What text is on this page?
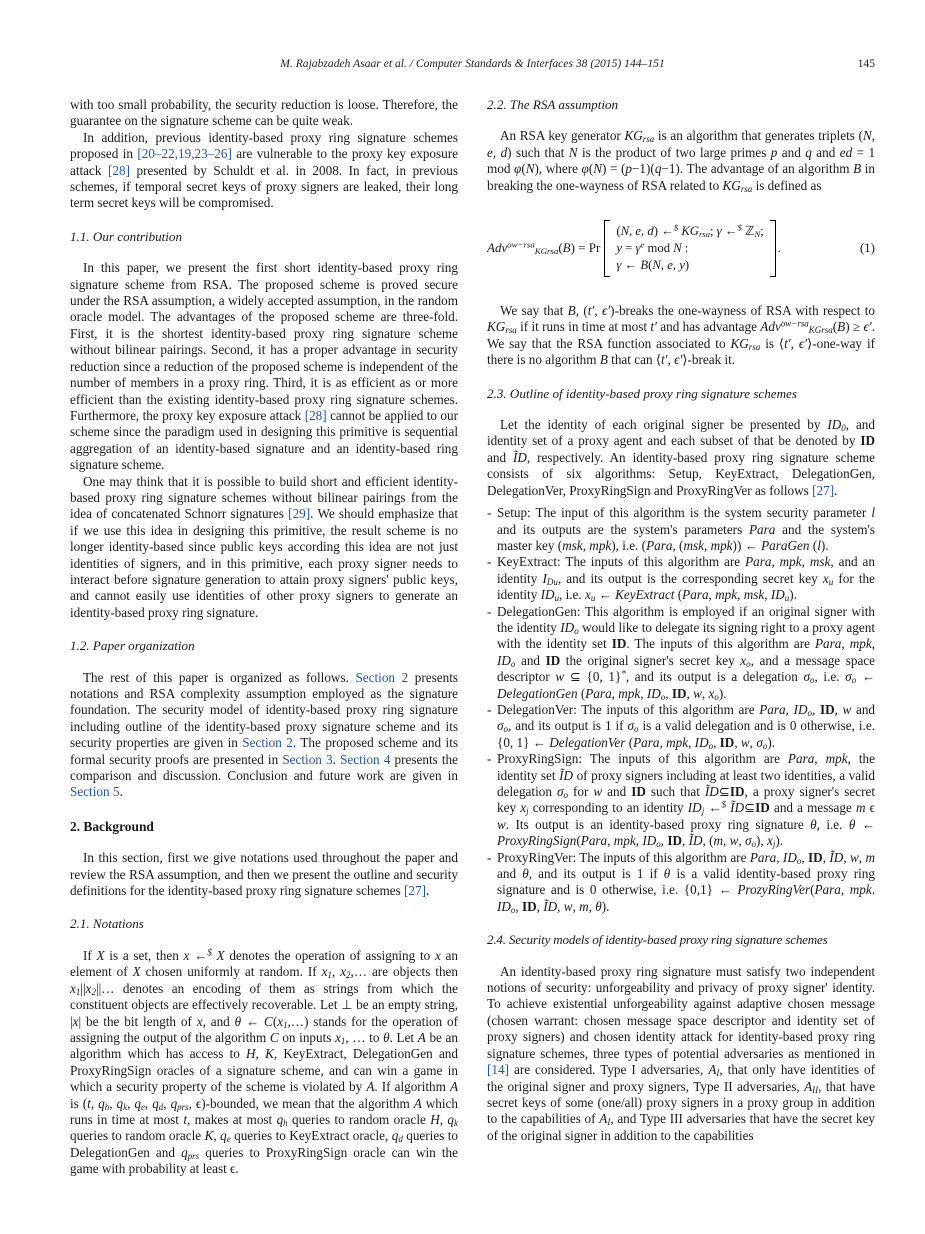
M. Rajabzadeh Asaar et al. / Computer Standards & Interfaces 38 (2015) 144–151	145

with too small probability, the security reduction is loose. Therefore, the guarantee on the signature scheme can be quite weak.

In addition, previous identity-based proxy ring signature schemes proposed in [20–22,19,23–26] are vulnerable to the proxy key exposure attack [28] presented by Schuldt et al. in 2008. In fact, in previous schemes, if temporal secret keys of proxy signers are leaked, their long term secret keys will be compromised.

1.1. Our contribution

In this paper, we present the first short identity-based proxy ring signature scheme from RSA. The proposed scheme is proved secure under the RSA assumption, a widely accepted assumption, in the random oracle model. The advantages of the proposed scheme are three-fold. First, it is the shortest identity-based proxy ring signature scheme without bilinear pairings. Second, it has a proper advantage in security reduction since a reduction of the proposed scheme is independent of the number of members in a proxy ring. Third, it is as efficient as or more efficient than the existing identity-based proxy ring signature schemes. Furthermore, the proxy key exposure attack [28] cannot be applied to our scheme since the paradigm used in designing this primitive is sequential aggregation of an identity-based signature and an identity-based ring signature scheme.

One may think that it is possible to build short and efficient identity-based proxy ring signature schemes without bilinear pairings from the idea of concatenated Schnorr signatures [29]. We should emphasize that if we use this idea in designing this primitive, the result scheme is no longer identity-based since public keys according this idea are not just identities of signers, and in this primitive, each proxy signer needs to interact before signature generation to attain proxy signers' public keys, and cannot easily use identities of other proxy signers to generate an identity-based proxy ring signature.

1.2. Paper organization

The rest of this paper is organized as follows. Section 2 presents notations and RSA complexity assumption employed as the signature foundation. The security model of identity-based proxy ring signature including outline of the identity-based proxy signature scheme and its security properties are given in Section 2. The proposed scheme and its formal security proofs are presented in Section 3. Section 4 presents the comparison and discussion. Conclusion and future work are given in Section 5.

2. Background

In this section, first we give notations used throughout the paper and review the RSA assumption, and then we present the outline and security definitions for the identity-based proxy ring signature schemes [27].

2.1. Notations

If X is a set, then x ←$ X denotes the operation of assigning to x an element of X chosen uniformly at random. If x1, x2,… are objects then x1||x2||… denotes an encoding of them as strings from which the constituent objects are effectively recoverable. Let ⊥ be an empty string, |x| be the bit length of x, and θ ← C(x1,…) stands for the operation of assigning the output of the algorithm C on inputs x1, … to θ. Let A be an algorithm which has access to H, K, KeyExtract, DelegationGen and ProxyRingSign oracles of a signature scheme, and can win a game in which a security property of the scheme is violated by A. If algorithm A is (t, qh, qk, qe, qd, qprs, ϵ)-bounded, we mean that the algorithm A which runs in time at most t, makes at most qh queries to random oracle H, qk queries to random oracle K, qe queries to KeyExtract oracle, qd queries to DelegationGen and qprs queries to ProxyRingSign oracle can win the game with probability at least ϵ.

2.2. The RSA assumption

An RSA key generator KGrsa is an algorithm that generates triplets (N, e, d) such that N is the product of two large primes p and q and ed = 1 mod φ(N), where φ(N) = (p−1)(q−1). The advantage of an algorithm B in breaking the one-wayness of RSA related to KGrsa is defined as

Adv$^{ow-rsa}$KGrsa(B) = Pr
(N, e, d) ←$ KGrsa; γ ←$ ℤN;
$y = \gamma^e$ mod N :
γ ← B(N, e, y)
.	(1)

We say that B, (t′, ϵ′)-breaks the one-wayness of RSA with respect to KGrsa if it runs in time at most t′ and has advantage Adv$^{ow-rsa}$KGrsa(B) ≥ ϵ′. We say that the RSA function associated to KGrsa is ⟨t′, ϵ′⟩-one-way if there is no algorithm B that can ⟨t′, ϵ′⟩-break it.

2.3. Outline of identity-based proxy ring signature schemes

Let the identity of each original signer be presented by ID0, and identity set of a proxy agent and each subset of that be denoted by ID and ĨD, respectively. An identity-based proxy ring signature scheme consists of six algorithms: Setup, KeyExtract, DelegationGen, DelegationVer, ProxyRingSign and ProxyRingVer as follows [27].

- Setup: The input of this algorithm is the system security parameter l and its outputs are the system's parameters Para and the system's master key (msk, mpk), i.e. (Para, (msk, mpk)) ← ParaGen (l).
- KeyExtract: The inputs of this algorithm are Para, mpk, msk, and an identity IDu, and its output is the corresponding secret key xu for the identity IDu, i.e. xu ← KeyExtract (Para, mpk, msk, IDu).
- DelegationGen: This algorithm is employed if an original signer with the identity IDo would like to delegate its signing right to a proxy agent with the identity set ID. The inputs of this algorithm are Para, mpk, IDo and ID the original signer's secret key xo, and a message space descriptor w ⊆ {0, 1}*, and its output is a delegation σo, i.e. σo ← DelegationGen (Para, mpk, IDo, ID, w, xo).
- DelegationVer: The inputs of this algorithm are Para, IDo, ID, w and σo, and its output is 1 if σo is a valid delegation and is 0 otherwise, i.e. {0, 1} ← DelegationVer (Para, mpk, IDo, ID, w, σo).
- ProxyRingSign: The inputs of this algorithm are Para, mpk, the identity set ĨD of proxy signers including at least two identities, a valid delegation σo for w and ID such that ĨD⊆ID, a proxy signer's secret key xj corresponding to an identity IDj ←$ ĨD⊆ID and a message m ϵ w. Its output is an identity-based proxy ring signature θ, i.e. θ ← ProxyRingSign(Para, mpk, IDo, ID, ĨD, (m, w, σo), xj).
- ProxyRingVer: The inputs of this algorithm are Para, IDo, ID, ĨD, w, m and θ, and its output is 1 if θ is a valid identity-based proxy ring signature and is 0 otherwise, i.e. {0,1} ← ProzyRingVer(Para, mpk. IDo, ID, ĨD, w, m, θ).
2.4. Security models of identity-based proxy ring signature schemes

An identity-based proxy ring signature must satisfy two independent notions of security: unforgeability and privacy of proxy signer' identity. To achieve existential unforgeability against adaptive chosen message (chosen warrant: chosen message space descriptor and identity set of proxy signers) and chosen identity attack for identity-based proxy ring signature schemes, three types of potential adversaries as mentioned in [14] are considered. Type I adversaries, AI, that only have identities of the original signer and proxy signers, Type II adversaries, AII, that have secret keys of some (one/all) proxy signers in a proxy group in addition to the capabilities of AI, and Type III adversaries that have the secret key of the original signer in addition to the capabilities
